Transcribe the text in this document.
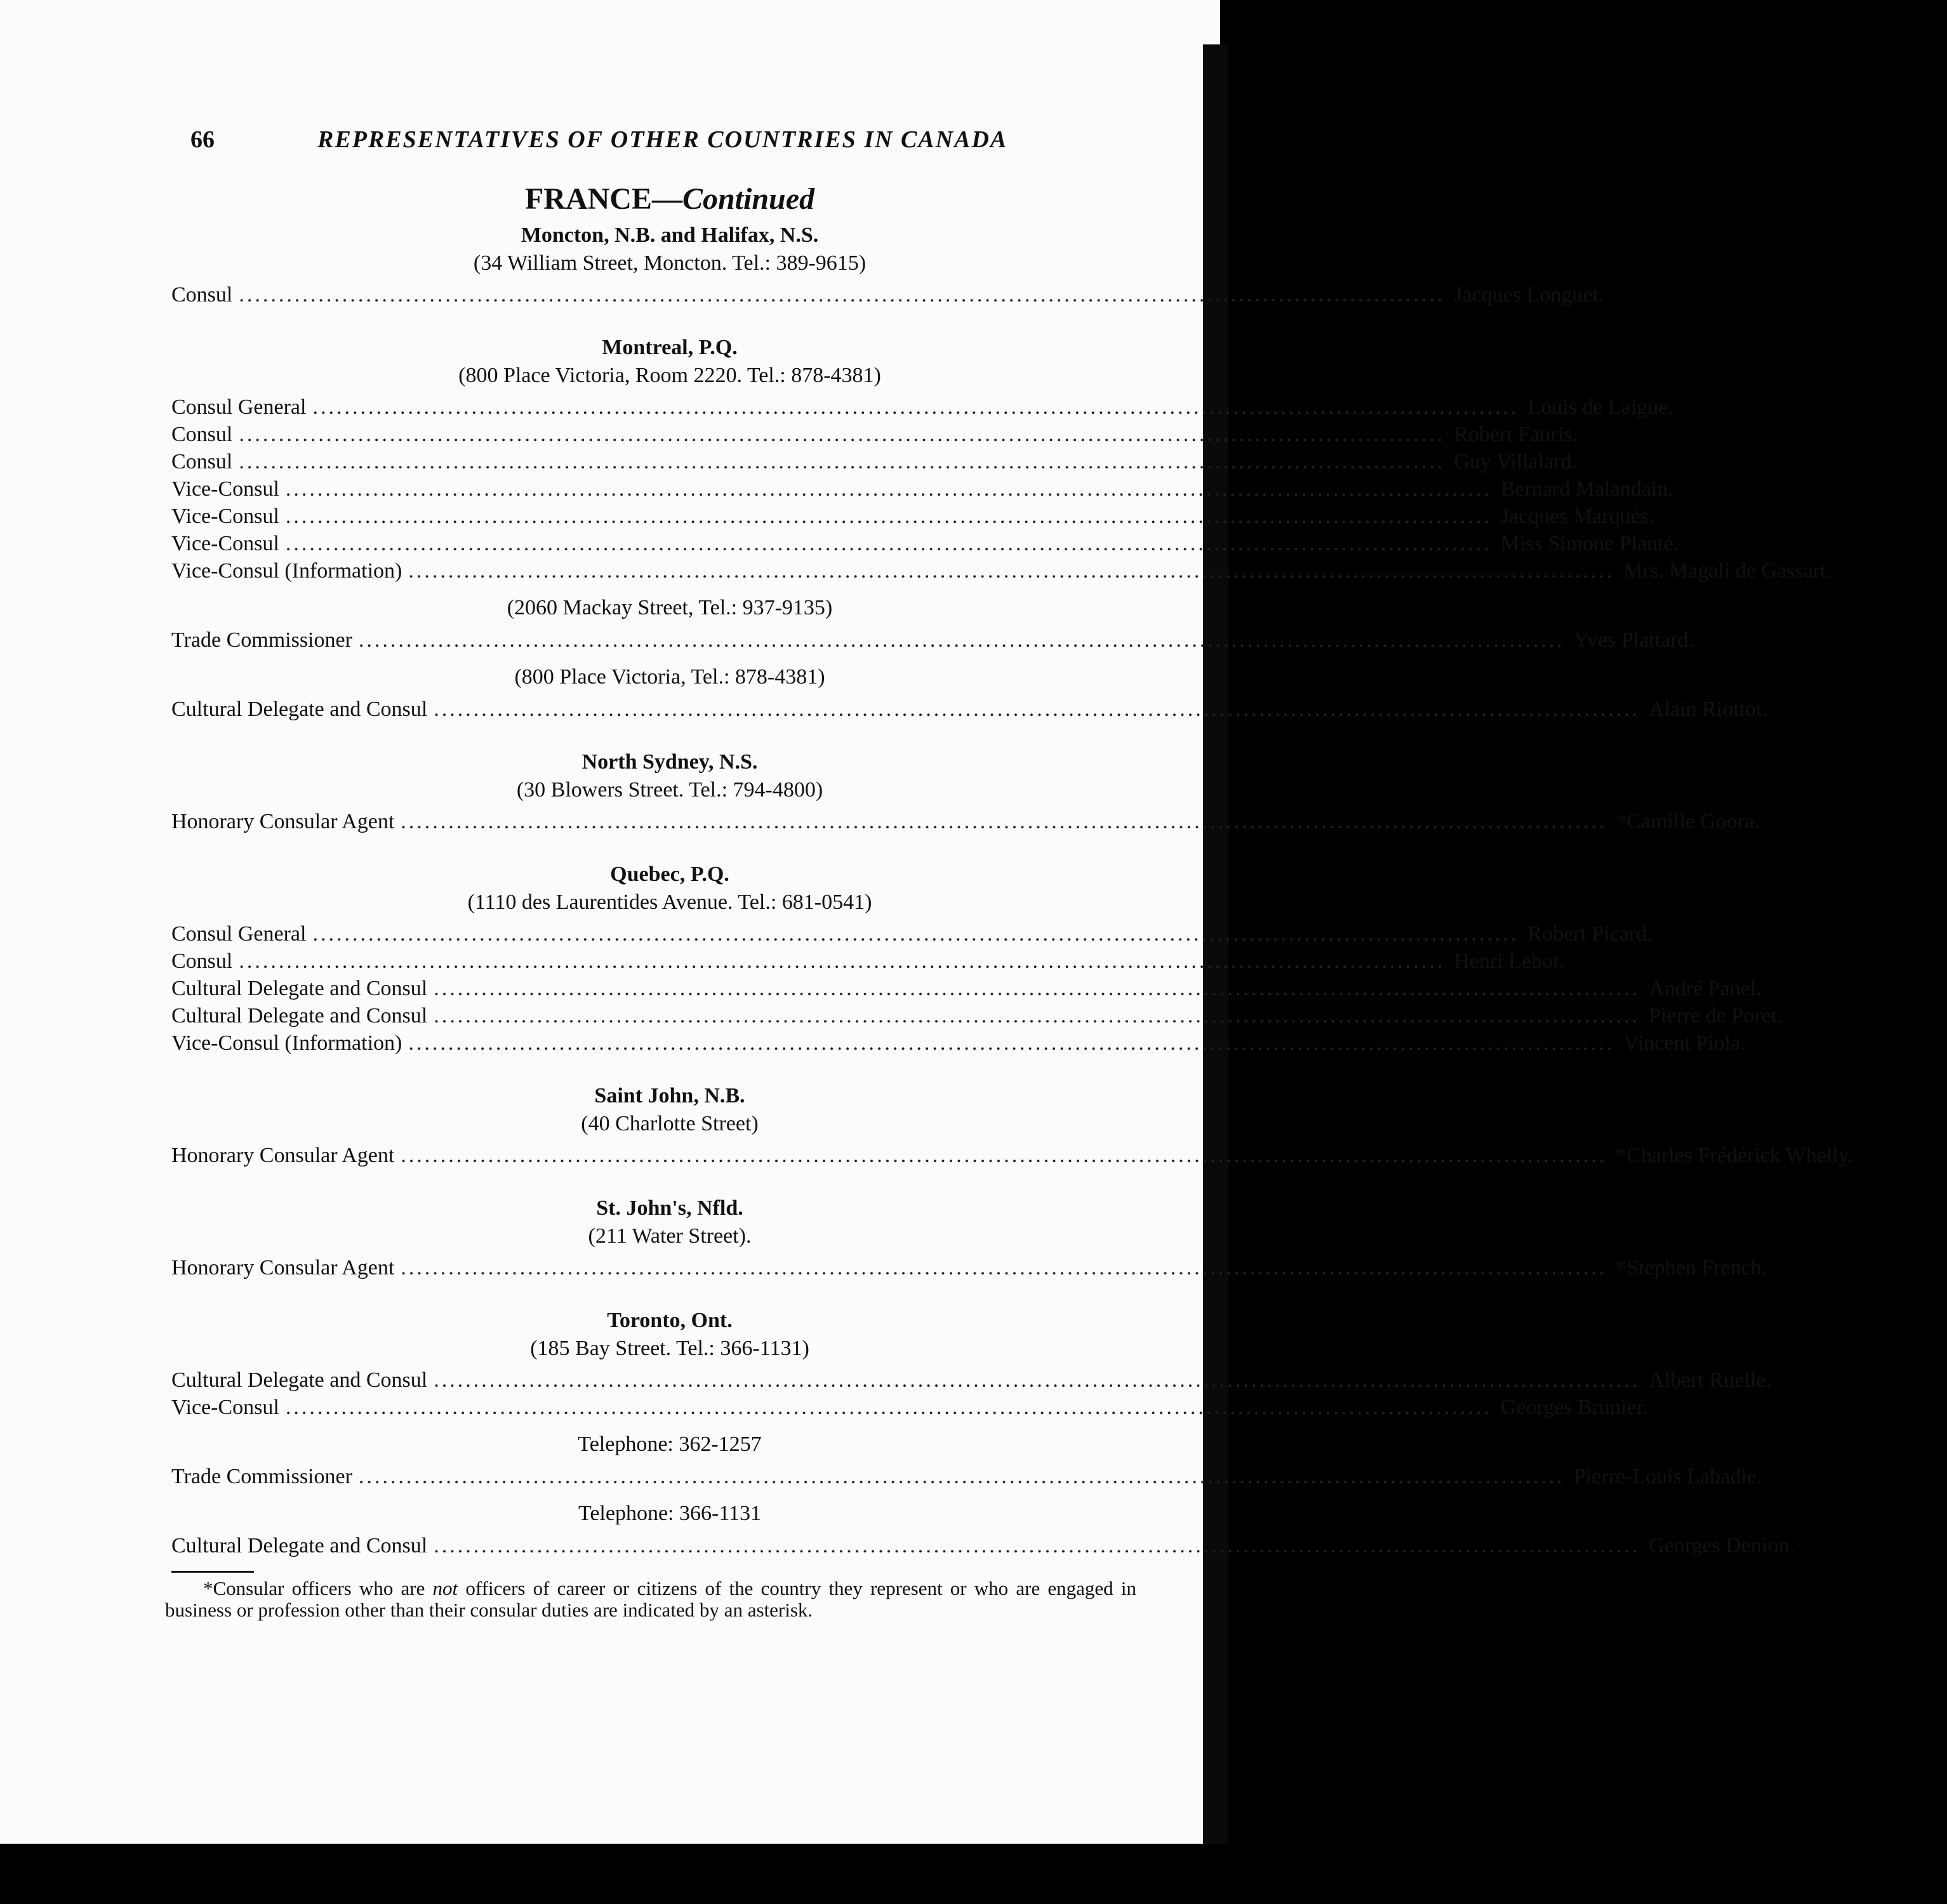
66	REPRESENTATIVES OF OTHER COUNTRIES IN CANADA
FRANCE—Continued
Moncton, N.B. and Halifax, N.S.
(34 William Street, Moncton. Tel.: 389-9615)
Consul ........................................................................................................................................................ Jacques Longuet.
Montreal, P.Q.
(800 Place Victoria, Room 2220. Tel.: 878-4381)
Consul General ........................................................................................................................................................ Louis de Laigue.
Consul ........................................................................................................................................................ Robert Fauris.
Consul ........................................................................................................................................................ Guy Villalard.
Vice-Consul ........................................................................................................................................................ Bernard Malandain.
Vice-Consul ........................................................................................................................................................ Jacques Marquès.
Vice-Consul ........................................................................................................................................................ Miss Simone Planté.
Vice-Consul (Information) ........................................................................................................................................................ Mrs. Magali de Gassart.
(2060 Mackay Street, Tel.: 937-9135)
Trade Commissioner ........................................................................................................................................................ Yves Plattard.
(800 Place Victoria, Tel.: 878-4381)
Cultural Delegate and Consul ........................................................................................................................................................ Alain Riottot.
North Sydney, N.S.
(30 Blowers Street. Tel.: 794-4800)
Honorary Consular Agent ........................................................................................................................................................ *Camille Goora.
Quebec, P.Q.
(1110 des Laurentides Avenue. Tel.: 681-0541)
Consul General ........................................................................................................................................................ Robert Picard.
Consul ........................................................................................................................................................ Henri Lebot.
Cultural Delegate and Consul ........................................................................................................................................................ André Panel.
Cultural Delegate and Consul ........................................................................................................................................................ Pierre de Poret.
Vice-Consul (Information) ........................................................................................................................................................ Vincent Piola.
Saint John, N.B.
(40 Charlotte Street)
Honorary Consular Agent ........................................................................................................................................................ *Charles Frédérick Whelly.
St. John's, Nfld.
(211 Water Street).
Honorary Consular Agent ........................................................................................................................................................ *Stephen French.
Toronto, Ont.
(185 Bay Street. Tel.: 366-1131)
Cultural Delegate and Consul ........................................................................................................................................................ Albert Ruelle.
Vice-Consul ........................................................................................................................................................ Georges Brunier.
Telephone: 362-1257
Trade Commissioner ........................................................................................................................................................ Pierre-Louis Labadie.
Telephone: 366-1131
Cultural Delegate and Consul ........................................................................................................................................................ Georges Denion.
*Consular officers who are not officers of career or citizens of the country they represent or who are engaged in business or profession other than their consular duties are indicated by an asterisk.
